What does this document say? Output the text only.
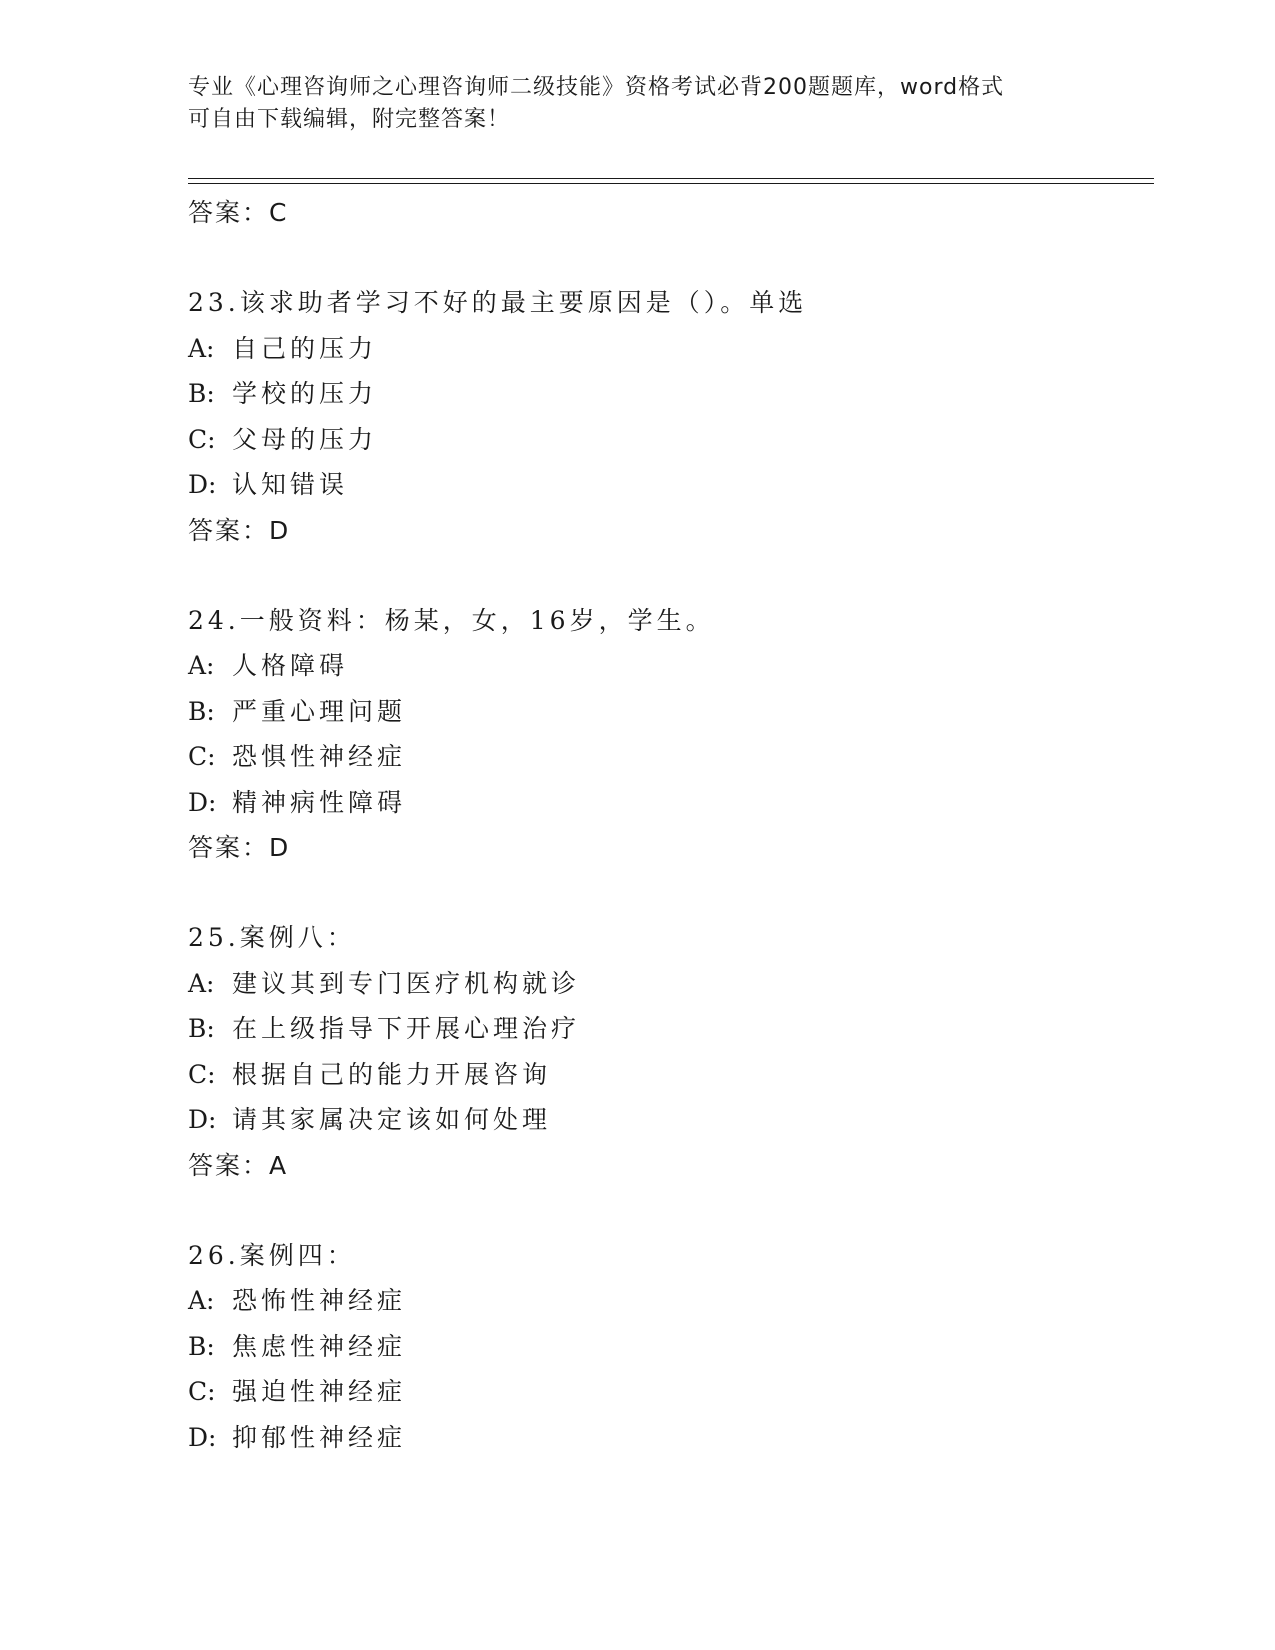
专业《心理咨询师之心理咨询师二级技能》资格考试必背200题题库，word格式
可自由下载编辑，附完整答案！
答案：C
23.该求助者学习不好的最主要原因是（）。单选
A: 自己的压力
B: 学校的压力
C: 父母的压力
D: 认知错误
答案：D
24.一般资料：杨某，女，16岁，学生。
A: 人格障碍
B: 严重心理问题
C: 恐惧性神经症
D: 精神病性障碍
答案：D
25.案例八：
A: 建议其到专门医疗机构就诊
B: 在上级指导下开展心理治疗
C: 根据自己的能力开展咨询
D: 请其家属决定该如何处理
答案：A
26.案例四：
A: 恐怖性神经症
B: 焦虑性神经症
C: 强迫性神经症
D: 抑郁性神经症
